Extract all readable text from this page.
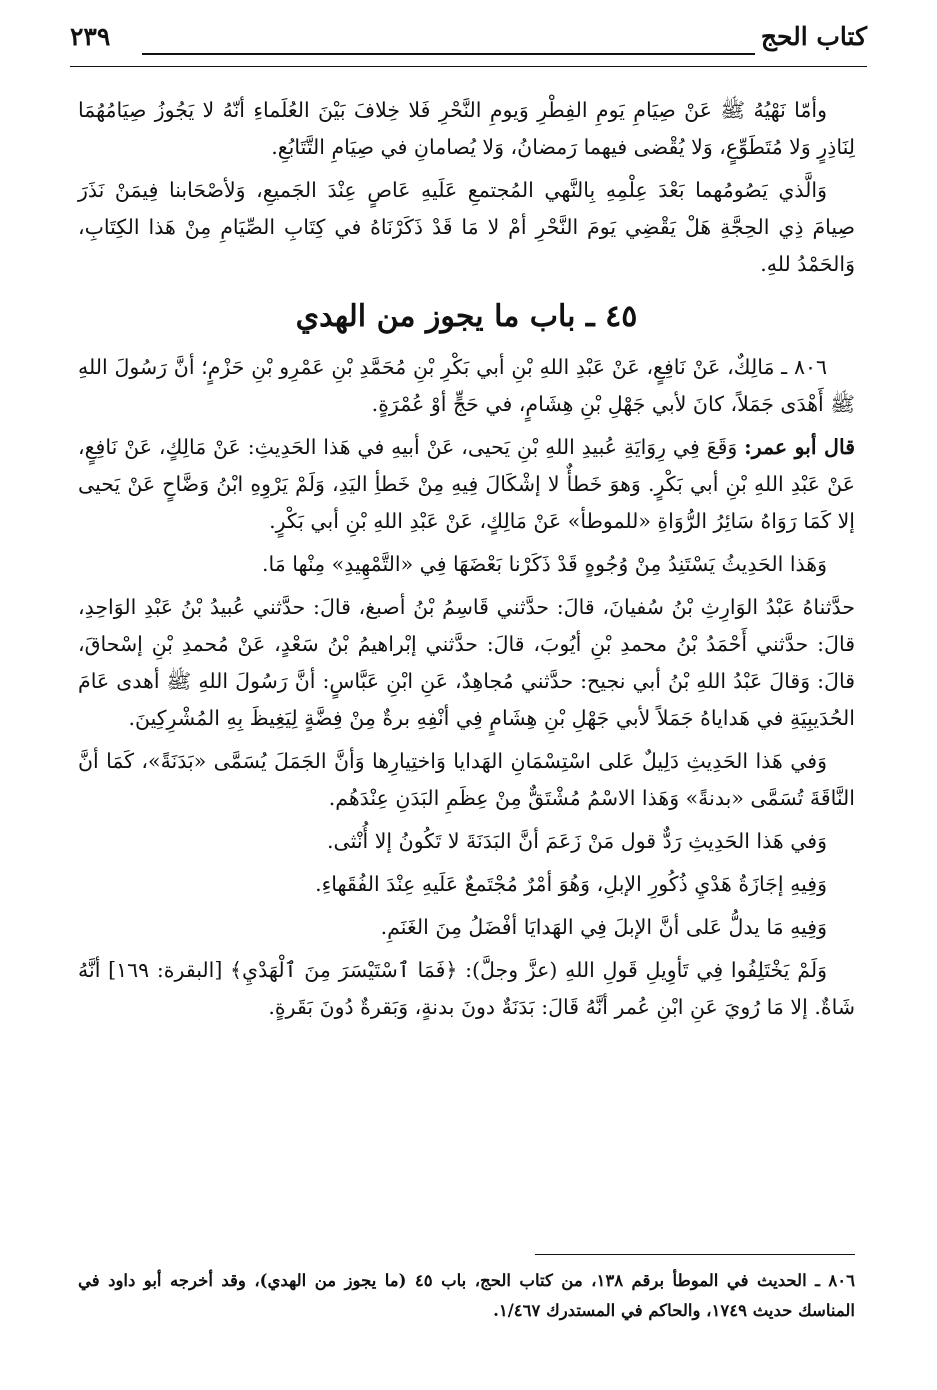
كتاب الحج
٢٣٩

وأمّا نَهْيُهُ ﷺ عَنْ صِيَامِ يَومِ الفِطْرِ وَيومِ النَّحْرِ فَلا خِلافَ بَيْنَ العُلَماءِ أنّهُ لا يَجُوزُ صِيَامُهُمَا لِنَاذِرٍ وَلا مُتَطَوِّعٍ، وَلا يُقْضى فيهما رَمضانُ، وَلا يُصامانِ في صِيَامِ التَّتَابُعِ.

وَالَّذي يَصُومُهما بَعْدَ عِلْمِهِ بِالنَّهي المُجتمعِ عَلَيهِ عَاصٍ عِنْدَ الجَميعِ، وَلأصْحَابنا فِيمَنْ نَذَرَ صِيامَ ذِي الحِجَّةِ هَلْ يَقْضِي يَومَ النَّحْرِ أمْ لا مَا قَدْ ذَكَرْنَاهُ في كِتَابِ الصِّيَامِ مِنْ هَذا الكِتَابِ، وَالحَمْدُ للهِ.

٤٥ ـ باب ما يجوز من الهدي

٨٠٦ ـ مَالِكٌ، عَنْ نَافِعٍ، عَنْ عَبْدِ اللهِ بْنِ أبي بَكْرِ بْنِ مُحَمَّدِ بْنِ عَمْرِو بْنِ حَزْمٍ؛ أنَّ رَسُولَ اللهِ ﷺ أَهْدَى جَمَلاً، كانَ لأبي جَهْلِ بْنِ هِشَامٍ، في حَجٍّ أوْ عُمْرَةٍ.

قال أبو عمر: وَقَعَ فِي رِوَايَةِ عُبيدِ اللهِ بْنِ يَحيى، عَنْ أبيهِ في هَذا الحَدِيثِ: عَنْ مَالِكٍ، عَنْ نَافِعٍ، عَنْ عَبْدِ اللهِ بْنِ أبي بَكْرٍ. وَهوَ خَطأٌ لا إشْكَالَ فِيهِ مِنْ خَطأِ اليَدِ، وَلَمْ يَرْوِهِ ابْنُ وَضَّاحٍ عَنْ يَحيى إلا كَمَا رَوَاهُ سَائِرُ الرُّوَاةِ «للموطأ» عَنْ مَالِكٍ، عَنْ عَبْدِ اللهِ بْنِ أبي بَكْرٍ.

وَهَذا الحَدِيثُ يَسْتَنِدُ مِنْ وُجُوهٍ قَدْ ذَكَرْنا بَعْضَهَا فِي «التَّمْهِيدِ» مِنْها مَا.

حدَّثناهُ عَبْدُ الوَارِثِ بْنُ سُفيانَ، قالَ: حدَّثني قَاسِمُ بْنُ أصبغ، قالَ: حدَّثني عُبيدُ بْنُ عَبْدِ الوَاحِدِ، قالَ: حدَّثني أَحْمَدُ بْنُ محمدِ بْنِ أيُوبَ، قالَ: حدَّثني إبْراهيمُ بْنُ سَعْدٍ، عَنْ مُحمدِ بْنِ إسْحاقَ، قالَ: وَقالَ عَبْدُ اللهِ بْنُ أبي نجيح: حدَّثني مُجاهِدٌ، عَنِ ابْنِ عَبَّاسٍ: أنَّ رَسُولَ اللهِ ﷺ أهدى عَامَ الحُدَيبِيَةِ في هَداياهُ جَمَلاً لأبي جَهْلِ بْنِ هِشَامٍ فِي أنْفِهِ برةٌ مِنْ فِضَّةٍ لِيَغِيظَ بِهِ المُشْرِكِينَ.

وَفي هَذا الحَدِيثِ دَلِيلٌ عَلى اسْتِسْمَانِ الهَدايا وَاختِيارِها وَأنَّ الجَمَلَ يُسَمَّى «بَدَنَةً»، كَمَا أنَّ النَّاقَةَ تُسَمَّى «بدنةً» وَهَذا الاسْمُ مُشْتَقٌّ مِنْ عِظَمِ البَدَنِ عِنْدَهُم.

وَفي هَذا الحَدِيثِ رَدٌّ قول مَنْ زَعَمَ أنَّ البَدَنَةَ لا تَكُونُ إلا أُنْثى.

وَفِيهِ إجَازَةُ هَدْيِ ذُكُورِ الإبلِ، وَهُوَ أمْرٌ مُجْتَمعٌ عَلَيهِ عِنْدَ الفُقَهاءِ.

وَفِيهِ مَا يدلُّ عَلى أنَّ الإبلَ فِي الهَدايَا أفْضَلُ مِنَ الغَنَمِ.

وَلَمْ يَخْتَلِفُوا فِي تَأوِيلِ قَولِ اللهِ (عزَّ وجلَّ): ﴿فَمَا ٱسْتَيْسَرَ مِنَ ٱلْهَدْيِ﴾ [البقرة: ١٦٩] أنَّهُ شَاةٌ. إلا مَا رُويَ عَنِ ابْنِ عُمر أنَّهُ قَالَ: بَدَنَةٌ دونَ بدنةٍ، وَبَقرةٌ دُونَ بَقَرةٍ.

٨٠٦ ـ الحديث في الموطأ برقم ١٣٨، من كتاب الحج، باب ٤٥ (ما يجوز من الهدي)، وقد أخرجه أبو داود في المناسك حديث ١٧٤٩، والحاكم في المستدرك ١/٤٦٧.
